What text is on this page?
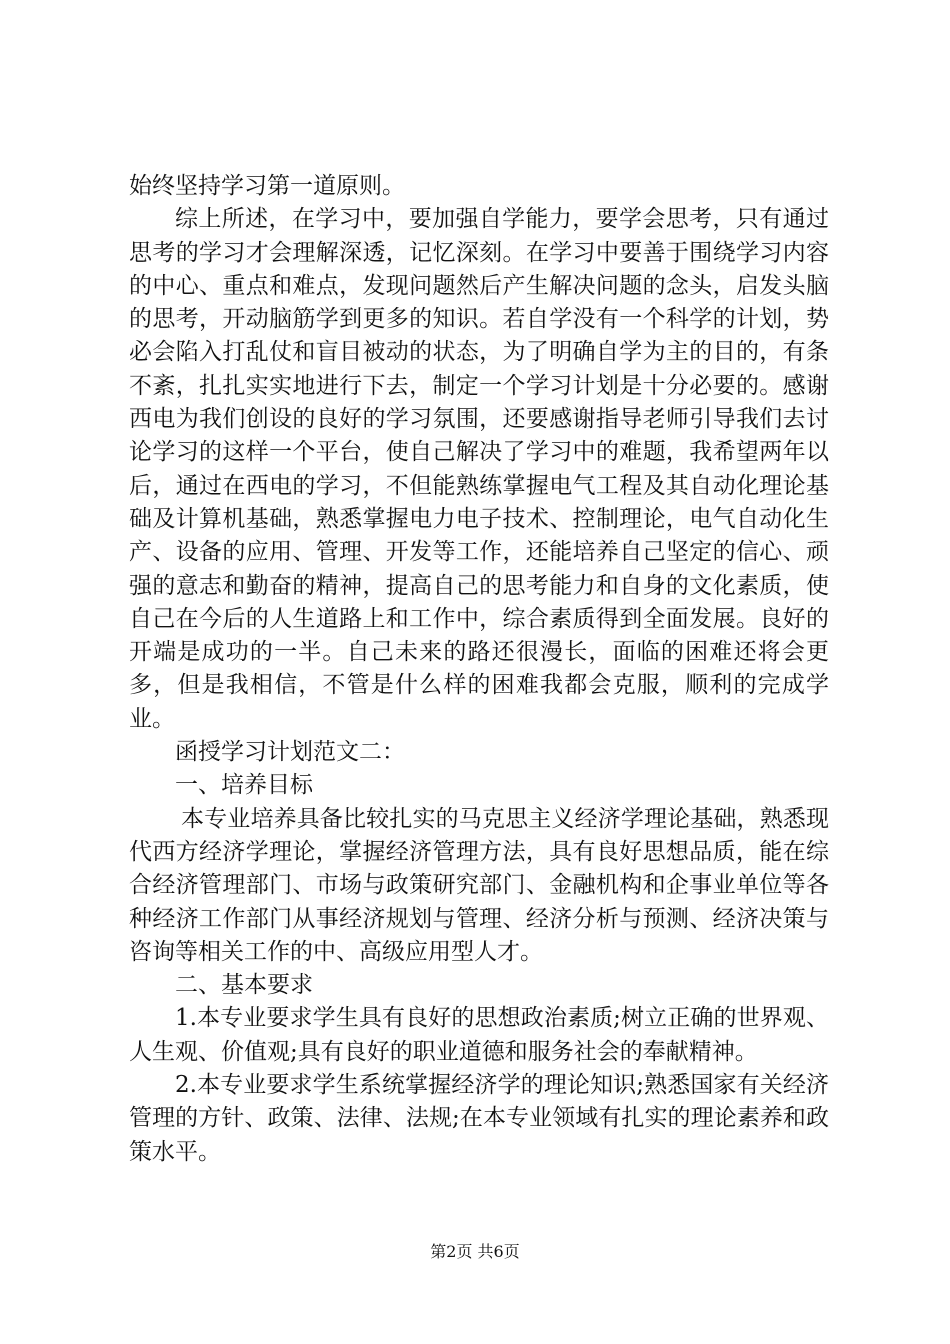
始终坚持学习第一道原则。

综上所述，在学习中，要加强自学能力，要学会思考，只有通过思考的学习才会理解深透，记忆深刻。在学习中要善于围绕学习内容的中心、重点和难点，发现问题然后产生解决问题的念头，启发头脑的思考，开动脑筋学到更多的知识。若自学没有一个科学的计划，势必会陷入打乱仗和盲目被动的状态，为了明确自学为主的目的，有条不紊，扎扎实实地进行下去，制定一个学习计划是十分必要的。感谢西电为我们创设的良好的学习氛围，还要感谢指导老师引导我们去讨论学习的这样一个平台，使自己解决了学习中的难题，我希望两年以后，通过在西电的学习，不但能熟练掌握电气工程及其自动化理论基础及计算机基础，熟悉掌握电力电子技术、控制理论，电气自动化生产、设备的应用、管理、开发等工作，还能培养自己坚定的信心、顽强的意志和勤奋的精神，提高自己的思考能力和自身的文化素质，使自己在今后的人生道路上和工作中，综合素质得到全面发展。良好的开端是成功的一半。自己未来的路还很漫长，面临的困难还将会更多，但是我相信，不管是什么样的困难我都会克服，顺利的完成学业。

函授学习计划范文二：

一、培养目标

本专业培养具备比较扎实的马克思主义经济学理论基础，熟悉现代西方经济学理论，掌握经济管理方法，具有良好思想品质，能在综合经济管理部门、市场与政策研究部门、金融机构和企事业单位等各种经济工作部门从事经济规划与管理、经济分析与预测、经济决策与咨询等相关工作的中、高级应用型人才。

二、基本要求

1.本专业要求学生具有良好的思想政治素质;树立正确的世界观、人生观、价值观;具有良好的职业道德和服务社会的奉献精神。

2.本专业要求学生系统掌握经济学的理论知识;熟悉国家有关经济管理的方针、政策、法律、法规;在本专业领域有扎实的理论素养和政策水平。

第2页 共6页
